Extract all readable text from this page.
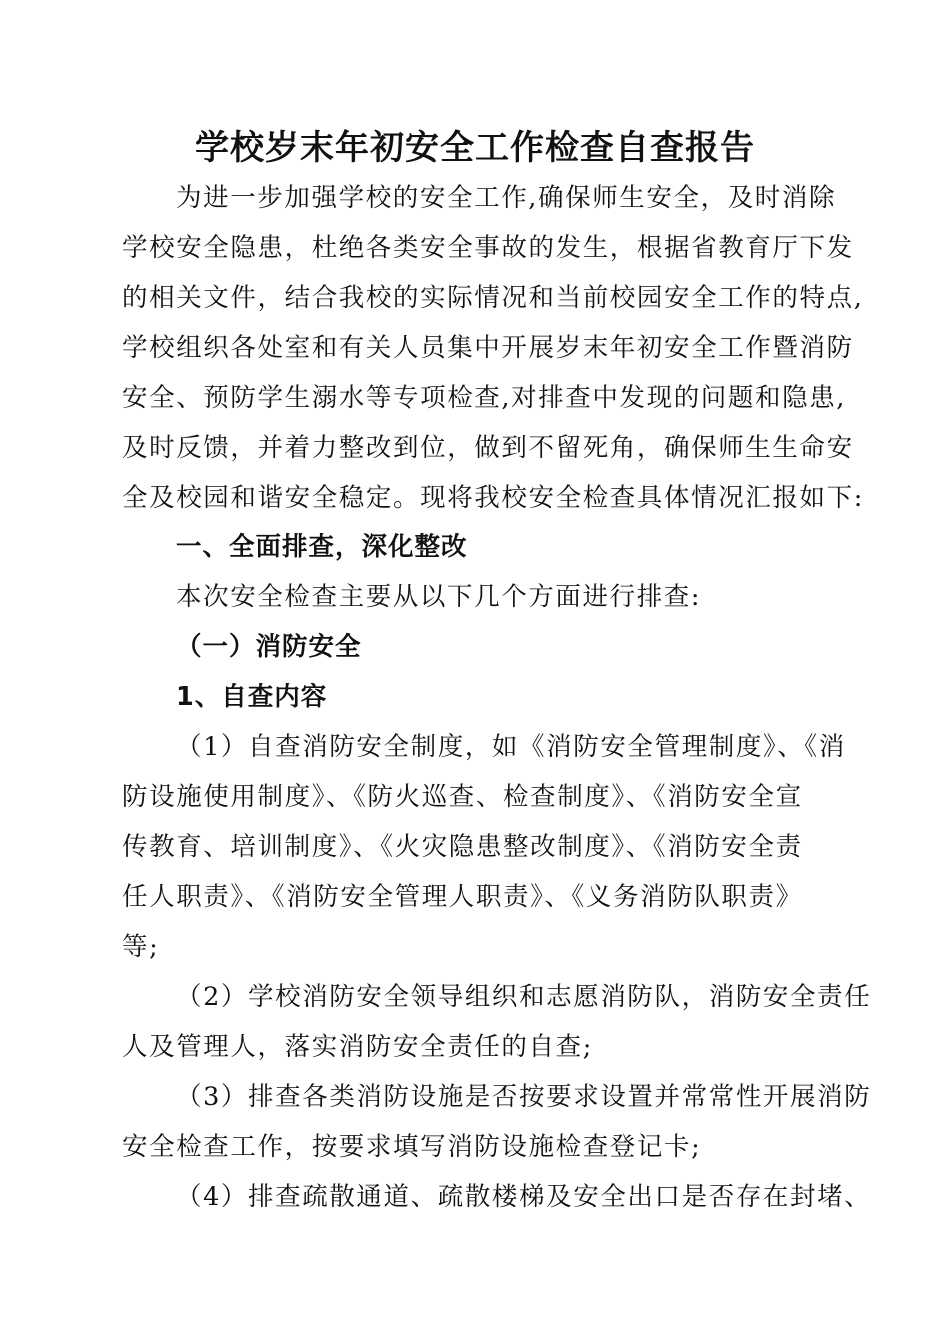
学校岁末年初安全工作检查自查报告
为进一步加强学校的安全工作,确保师生安全，及时消除
学校安全隐患，杜绝各类安全事故的发生，根据省教育厅下发
的相关文件，结合我校的实际情况和当前校园安全工作的特点,
学校组织各处室和有关人员集中开展岁末年初安全工作暨消防
安全、预防学生溺水等专项检查,对排查中发现的问题和隐患,
及时反馈，并着力整改到位，做到不留死角，确保师生生命安
全及校园和谐安全稳定。现将我校安全检查具体情况汇报如下:
一、全面排查，深化整改
本次安全检查主要从以下几个方面进行排查:
（一）消防安全
1、自查内容
（1）自查消防安全制度，如《消防安全管理制度》、《消
防设施使用制度》、《防火巡查、检查制度》、《消防安全宣
传教育、培训制度》、《火灾隐患整改制度》、《消防安全责
任人职责》、《消防安全管理人职责》、《义务消防队职责》
等;
（2）学校消防安全领导组织和志愿消防队，消防安全责任
人及管理人，落实消防安全责任的自查;
（3）排查各类消防设施是否按要求设置并常常性开展消防
安全检查工作，按要求填写消防设施检查登记卡;
（4）排查疏散通道、疏散楼梯及安全出口是否存在封堵、
